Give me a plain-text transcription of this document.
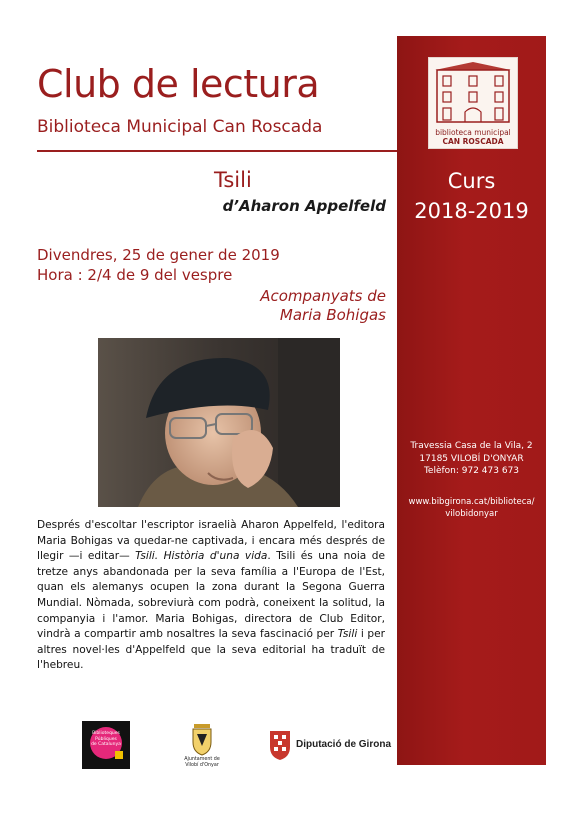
biblioteca municipal
CAN ROSCADA
Curs
2018-2019
Travessia Casa de la Vila, 2
17185 VILOBÍ D'ONYAR
Telèfon: 972 473 673
www.bibgirona.cat/biblioteca/
vilobidonyar
Club de lectura
Biblioteca Municipal Can Roscada
Tsili
d’Aharon Appelfeld
Divendres, 25 de gener de 2019
Hora : 2/4 de 9 del vespre
Acompanyats de
Maria Bohigas
Després d'escoltar l'escriptor israelià Aharon Appelfeld, l'editora Maria Bohigas va quedar-ne captivada, i encara més després de llegir —i editar— Tsili. Història d'una vida. Tsili és una noia de tretze anys abandonada per la seva família a l'Europa de l'Est, quan els alemanys ocupen la zona durant la Segona Guerra Mundial. Nòmada, sobreviurà com podrà, coneixent la solitud, la companyia i l'amor. Maria Bohigas, directora de Club Editor, vindrà a compartir amb nosaltres la seva fascinació per Tsili i per altres novel·les d'Appelfeld que la seva editorial ha traduït de l'hebreu.
Biblioteques
Públiques
de Catalunya
Ajuntament de
Vilobí d'Onyar
Diputació de Girona
